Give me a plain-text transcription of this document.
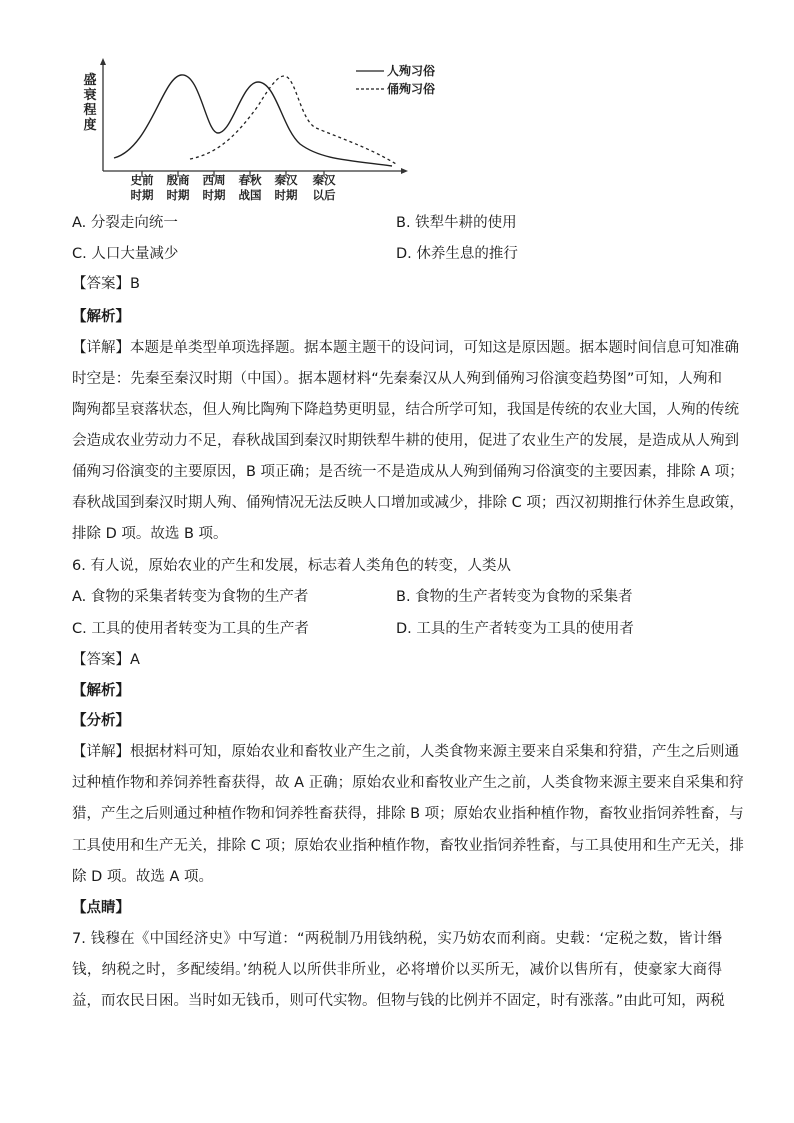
盛衰程度
史前
时期
殷商
时期
西周
时期
春秋
战国
秦汉
时期
秦汉
以后
人殉习俗
俑殉习俗
A. 分裂走向统一	B. 铁犁牛耕的使用
C. 人口大量减少	D. 休养生息的推行
【答案】B
【解析】
【详解】本题是单类型单项选择题。据本题主题干的设问词，可知这是原因题。据本题时间信息可知准确
时空是：先秦至秦汉时期（中国）。据本题材料“先秦秦汉从人殉到俑殉习俗演变趋势图”可知，人殉和
陶殉都呈衰落状态，但人殉比陶殉下降趋势更明显，结合所学可知，我国是传统的农业大国，人殉的传统
会造成农业劳动力不足，春秋战国到秦汉时期铁犁牛耕的使用，促进了农业生产的发展，是造成从人殉到
俑殉习俗演变的主要原因，B 项正确；是否统一不是造成从人殉到俑殉习俗演变的主要因素，排除 A 项；
春秋战国到秦汉时期人殉、俑殉情况无法反映人口增加或减少，排除 C 项；西汉初期推行休养生息政策，
排除 D 项。故选 B 项。
6. 有人说，原始农业的产生和发展，标志着人类角色的转变，人类从
A. 食物的采集者转变为食物的生产者	B. 食物的生产者转变为食物的采集者
C. 工具的使用者转变为工具的生产者	D. 工具的生产者转变为工具的使用者
【答案】A
【解析】
【分析】
【详解】根据材料可知，原始农业和畜牧业产生之前，人类食物来源主要来自采集和狩猎，产生之后则通
过种植作物和养饲养牲畜获得，故 A 正确；原始农业和畜牧业产生之前，人类食物来源主要来自采集和狩
猎，产生之后则通过种植作物和饲养牲畜获得，排除 B 项；原始农业指种植作物，畜牧业指饲养牲畜，与
工具使用和生产无关，排除 C 项；原始农业指种植作物，畜牧业指饲养牲畜，与工具使用和生产无关，排
除 D 项。故选 A 项。
【点睛】
7. 钱穆在《中国经济史》中写道：“两税制乃用钱纳税，实乃妨农而利商。史载：‘定税之数，皆计缗
钱，纳税之时，多配绫绢。’纳税人以所供非所业，必将增价以买所无，减价以售所有，使豪家大商得
益，而农民日困。当时如无钱币，则可代实物。但物与钱的比例并不固定，时有涨落。”由此可知，两税
